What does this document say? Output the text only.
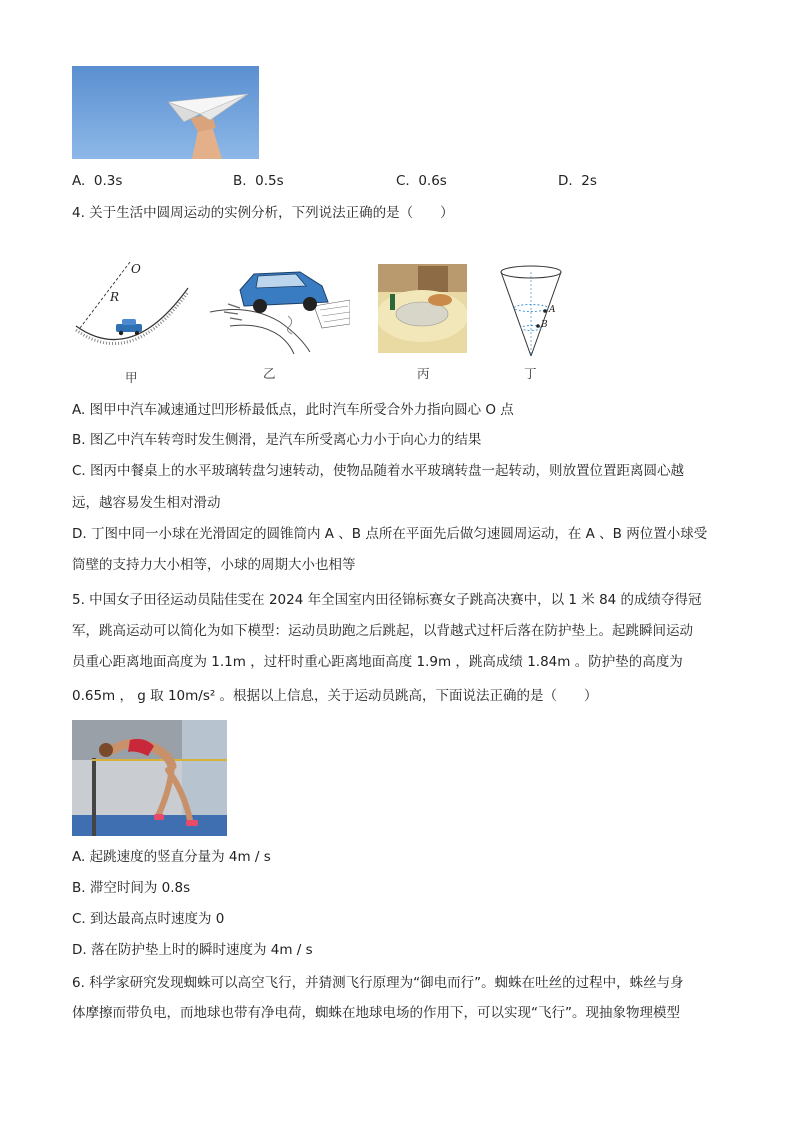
A. 0.3s	B. 0.5s	C. 0.6s	D. 2s
4. 关于生活中圆周运动的实例分析，下列说法正确的是（　　）
O
R
A
B
甲	乙	丙	丁
A. 图甲中汽车减速通过凹形桥最低点，此时汽车所受合外力指向圆心 O 点
B. 图乙中汽车转弯时发生侧滑，是汽车所受离心力小于向心力的结果
C. 图丙中餐桌上的水平玻璃转盘匀速转动，使物品随着水平玻璃转盘一起转动，则放置位置距离圆心越
远，越容易发生相对滑动
D. 丁图中同一小球在光滑固定的圆锥筒内 A 、B 点所在平面先后做匀速圆周运动，在 A 、B 两位置小球受
筒壁的支持力大小相等，小球的周期大小也相等
5. 中国女子田径运动员陆佳雯在 2024 年全国室内田径锦标赛女子跳高决赛中，以 1 米 84 的成绩夺得冠
军，跳高运动可以简化为如下模型：运动员助跑之后跳起，以背越式过杆后落在防护垫上。起跳瞬间运动
员重心距离地面高度为 1.1m ，过杆时重心距离地面高度 1.9m ，跳高成绩 1.84m 。防护垫的高度为
0.65m ， g 取 10m/s² 。根据以上信息，关于运动员跳高，下面说法正确的是（　　）
A. 起跳速度的竖直分量为 4m / s
B. 滞空时间为 0.8s
C. 到达最高点时速度为 0
D. 落在防护垫上时的瞬时速度为 4m / s
6. 科学家研究发现蜘蛛可以高空飞行，并猜测飞行原理为“御电而行”。蜘蛛在吐丝的过程中，蛛丝与身
体摩擦而带负电，而地球也带有净电荷，蜘蛛在地球电场的作用下，可以实现“飞行”。现抽象物理模型
